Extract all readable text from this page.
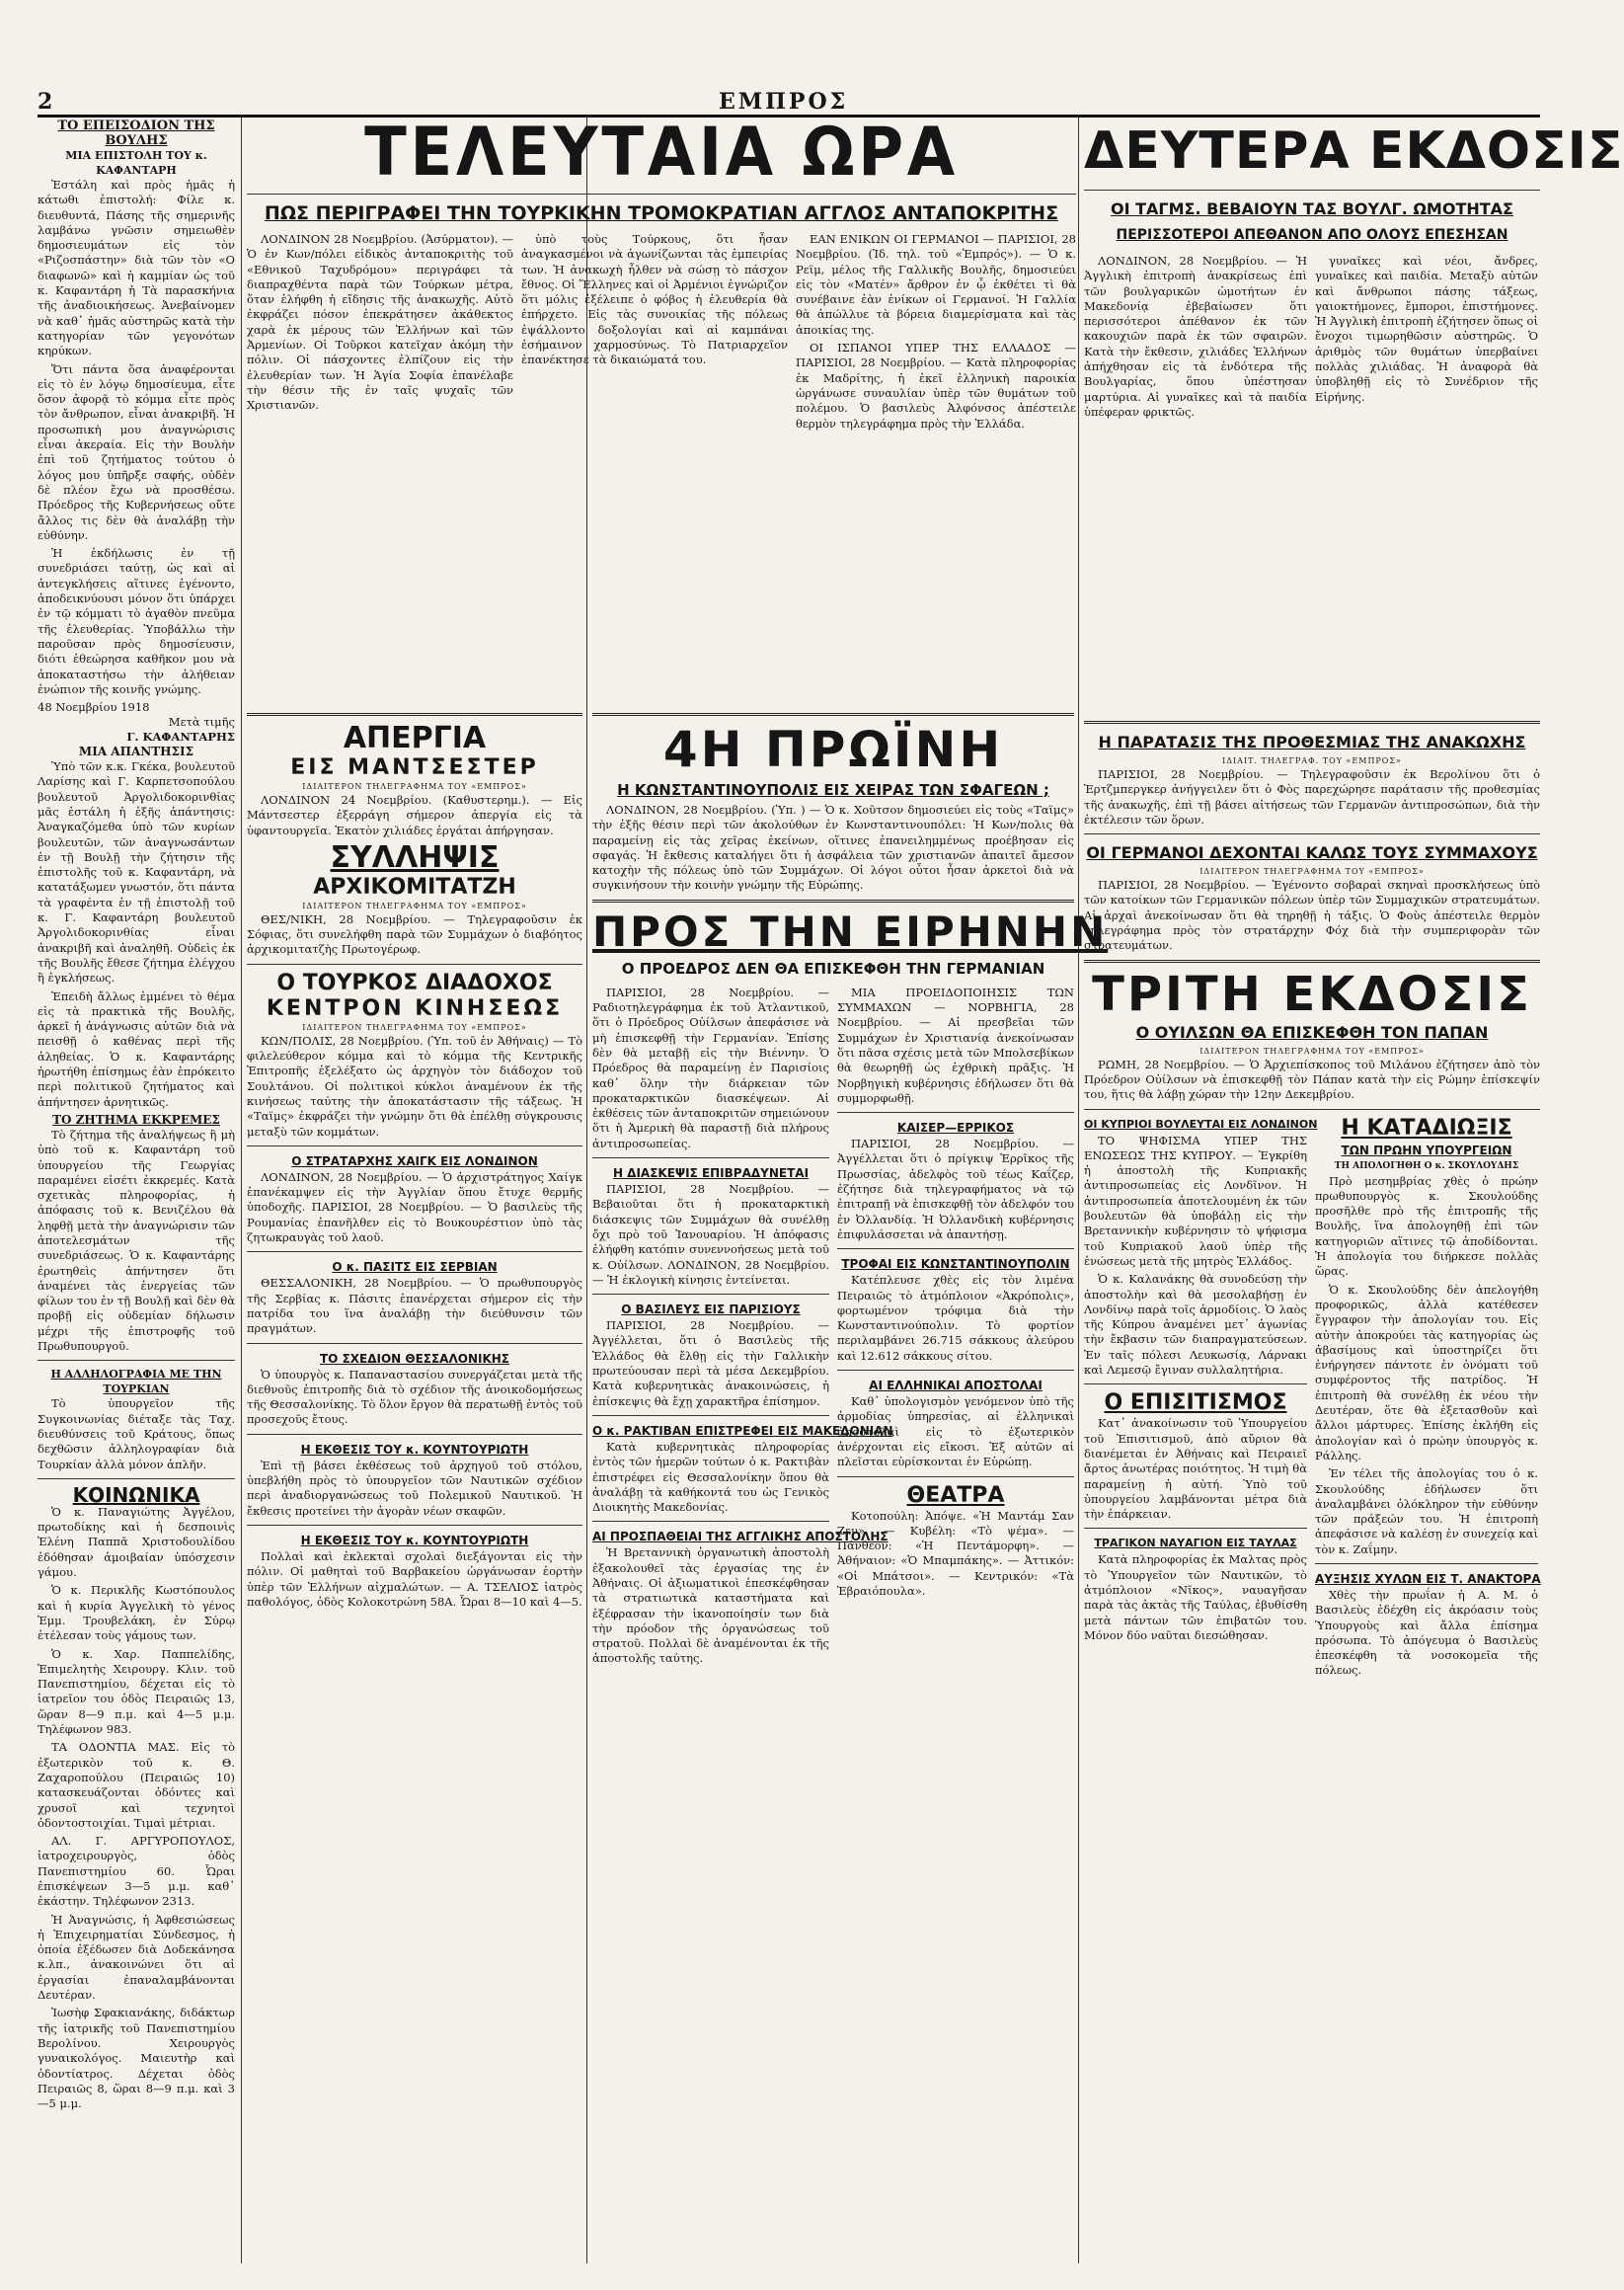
2	ΕΜΠΡΟΣ
ΤΟ ΕΠΕΙΣΟΔΙΟΝ ΤΗΣ ΒΟΥΛΗΣ
ΜΙΑ ΕΠΙΣΤΟΛΗ ΤΟΥ κ. ΚΑΦΑΝΤΑΡΗ

Ἐστάλη καὶ πρὸς ἡμᾶς ἡ κάτωθι ἐπιστολή: Φίλε κ. διευθυντά, Πάσης τῆς σημερινῆς λαμβάνω γνῶσιν σημειωθὲν δημοσιευμάτων εἰς τὸν «Ριζοσπάστην» διὰ τῶν τὸν «Ο διαφωνῶ» καὶ ἡ καμμίαν ὡς τοῦ κ. Καφαντάρη ἡ Τὰ παρασκήνια τῆς ἀναδιοικήσεως. Ἀνεβαίνομεν νὰ καθ᾽ ἡμᾶς αὐστηρῶς κατὰ τὴν κατηγορίαν τῶν γεγονότων κηρύκων.

Ὅτι πάντα ὅσα ἀναφέρονται εἰς τὸ ἐν λόγῳ δημοσίευμα, εἶτε ὅσον ἀφορᾷ τὸ κόμμα εἶτε πρὸς τὸν ἄνθρωπον, εἶναι ἀνακριβῆ. Ἡ προσωπικὴ μου ἀναγνώρισις εἶναι ἀκεραία. Εἰς τὴν Βουλὴν ἐπὶ τοῦ ζητήματος τούτου ὁ λόγος μου ὑπῆρξε σαφής, οὐδὲν δὲ πλέον ἔχω νὰ προσθέσω. Πρόεδρος τῆς Κυβερνήσεως οὔτε ἄλλος τις δὲν θὰ ἀναλάβῃ τὴν εὐθύνην.

Ἡ ἐκδήλωσις ἐν τῇ συνεδριάσει ταύτῃ, ὡς καὶ αἱ ἀντεγκλήσεις αἵτινες ἐγένοντο, ἀποδεικνύουσι μόνον ὅτι ὑπάρχει ἐν τῷ κόμματι τὸ ἀγαθὸν πνεῦμα τῆς ἐλευθερίας. Ὑποβάλλω τὴν παροῦσαν πρὸς δημοσίευσιν, διότι ἐθεώρησα καθῆκον μου νὰ ἀποκαταστήσω τὴν ἀλήθειαν ἐνώπιον τῆς κοινῆς γνώμης.

48 Νοεμβρίου 1918
Μετὰ τιμῆς
Γ. ΚΑΦΑΝΤΑΡΗΣ
ΜΙΑ ΑΠΑΝΤΗΣΙΣ

Ὑπὸ τῶν κ.κ. Γκέκα, βουλευτοῦ Λαρίσης καὶ Γ. Καρπετσοπούλου βουλευτοῦ Ἀργολιδοκορινθίας μᾶς ἐστάλη ἡ ἑξῆς ἀπάντησις: Ἀναγκαζόμεθα ὑπὸ τῶν κυρίων βουλευτῶν, τῶν ἀναγνωσάντων ἐν τῇ Βουλῇ τὴν ζήτησιν τῆς ἐπιστολῆς τοῦ κ. Καφαντάρη, νὰ κατατάξωμεν γνωστόν, ὅτι πάντα τὰ γραφέντα ἐν τῇ ἐπιστολῇ τοῦ κ. Γ. Καφαντάρη βουλευτοῦ Ἀργολιδοκορινθίας εἶναι ἀνακριβῆ καὶ ἀναληθῆ. Οὐδεὶς ἐκ τῆς Βουλῆς ἔθεσε ζήτημα ἐλέγχου ἢ ἐγκλήσεως.

Ἐπειδὴ ἄλλως ἐμμένει τὸ θέμα εἰς τὰ πρακτικὰ τῆς Βουλῆς, ἀρκεῖ ἡ ἀνάγνωσις αὐτῶν διὰ νὰ πεισθῇ ὁ καθένας περὶ τῆς ἀληθείας. Ὁ κ. Καφαντάρης ἠρωτήθη ἐπίσημως ἐὰν ἐπρόκειτο περὶ πολιτικοῦ ζητήματος καὶ ἀπήντησεν ἀρνητικῶς.

ΤΟ ΖΗΤΗΜΑ ΕΚΚΡΕΜΕΣ

Τὸ ζήτημα τῆς ἀναλήψεως ἢ μὴ ὑπὸ τοῦ κ. Καφαντάρη τοῦ ὑπουργείου τῆς Γεωργίας παραμένει εἰσέτι ἐκκρεμές. Κατὰ σχετικὰς πληροφορίας, ἡ ἀπόφασις τοῦ κ. Βενιζέλου θὰ ληφθῇ μετὰ τὴν ἀναγνώρισιν τῶν ἀποτελεσμάτων τῆς συνεδριάσεως. Ὁ κ. Καφαντάρης ἐρωτηθεὶς ἀπήντησεν ὅτι ἀναμένει τὰς ἐνεργείας τῶν φίλων του ἐν τῇ Βουλῇ καὶ δὲν θὰ προβῇ εἰς οὐδεμίαν δήλωσιν μέχρι τῆς ἐπιστροφῆς τοῦ Πρωθυπουργοῦ.

Η ΑΛΛΗΛΟΓΡΑΦΙΑ ΜΕ ΤΗΝ ΤΟΥΡΚΙΑΝ

Τὸ ὑπουργεῖον τῆς Συγκοινωνίας διέταξε τὰς Ταχ. διευθύνσεις τοῦ Κράτους, ὅπως δεχθῶσιν ἀλληλογραφίαν διὰ Τουρκίαν ἀλλὰ μόνον ἁπλῆν.

ΚΟΙΝΩΝΙΚΑ

Ὁ κ. Παναγιώτης Ἀγγέλου, πρωτοδίκης καὶ ἡ δεσποινὶς Ἑλένη Παππᾶ Χριστοδουλίδου ἐδόθησαν ἀμοιβαίαν ὑπόσχεσιν γάμου.

Ὁ κ. Περικλῆς Κωστόπουλος καὶ ἡ κυρία Ἀγγελικὴ τὸ γένος Ἐμμ. Τρουβελάκη, ἐν Σύρῳ ἐτέλεσαν τοὺς γάμους των.

Ὁ κ. Χαρ. Παππελίδης, Ἐπιμελητὴς Χειρουργ. Κλιν. τοῦ Πανεπιστημίου, δέχεται εἰς τὸ ἰατρεῖον του ὁδὸς Πειραιῶς 13, ὥραν 8—9 π.μ. καὶ 4—5 μ.μ. Τηλέφωνον 983.

ΤΑ ΟΔΟΝΤΙΑ ΜΑΣ. Εἰς τὸ ἐξωτερικὸν τοῦ κ. Θ. Ζαχαροπούλου (Πειραιῶς 10) κατασκευάζονται ὀδόντες καὶ χρυσοῖ καὶ τεχνητοὶ ὁδοντοστοιχίαι. Τιμαὶ μέτριαι.

ΑΛ. Γ. ΑΡΓΥΡΟΠΟΥΛΟΣ, ἰατροχειρουργὸς, ὁδὸς Πανεπιστημίου 60. Ὧραι ἐπισκέψεων 3—5 μ.μ. καθ᾽ ἑκάστην. Τηλέφωνον 2313.

Ἡ Ἀναγνώσις, ἡ Ἀφθεσιώσεως ἡ Ἐπιχειρηματίαι Σύνδεσμος, ἡ ὁποία ἐξέδωσεν διὰ Δοδεκάνησα κ.λπ., ἀνακοινώνει ὅτι αἱ ἐργασίαι ἐπαναλαμβάνονται Δευτέραν.

Ἰωσὴφ Σφακιανάκης, διδάκτωρ τῆς ἰατρικῆς τοῦ Πανεπιστημίου Βερολίνου. Χειρουργὸς γυναικολόγος. Μαιευτὴρ καὶ ὁδοντίατρος. Δέχεται ὁδὸς Πειραιῶς 8, ὥραι 8—9 π.μ. καὶ 3—5 μ.μ.

ΤΕΛΕΥΤΑΙΑ ΩΡΑ
ΠΩΣ ΠΕΡΙΓΡΑΦΕΙ ΤΗΝ ΤΟΥΡΚΙΚΗΝ ΤΡΟΜΟΚΡΑΤΙΑΝ ΑΓΓΛΟΣ ΑΝΤΑΠΟΚΡΙΤΗΣ

ΛΟΝΔΙΝΟΝ 28 Νοεμβρίου. (Ἀσύρματον). — Ὁ ἐν Κων/πόλει εἰδικὸς ἀνταποκριτὴς τοῦ «Εθνικοῦ Ταχυδρόμου» περιγράφει τὰ διαπραχθέντα παρὰ τῶν Τούρκων μέτρα, ὅταν ἐλήφθη ἡ εἴδησις τῆς ἀνακωχῆς. Αὐτὸ ἐκφράζει πόσον ἐπεκράτησεν ἀκάθεκτος χαρὰ ἐκ μέρους τῶν Ἑλλήνων καὶ τῶν Ἀρμενίων. Οἱ Τοῦρκοι κατεῖχαν ἀκόμη τὴν πόλιν. Οἱ πάσχοντες ἐλπίζουν εἰς τὴν ἐλευθερίαν των. Ἡ Ἁγία Σοφία ἐπανέλαβε τὴν θέσιν τῆς ἐν ταῖς ψυχαῖς τῶν Χριστιανῶν.

ὑπὸ τοὺς Τούρκους, ὅτι ἦσαν ἀναγκασμένοι νὰ ἀγωνίζωνται τὰς ἐμπειρίας των. Ἡ ἀνακωχὴ ἦλθεν νὰ σώσῃ τὸ πάσχον ἔθνος. Οἱ Ἕλληνες καὶ οἱ Ἀρμένιοι ἐγνώριζον ὅτι μόλις ἐξέλειπε ὁ φόβος ἡ ἐλευθερία θὰ ἐπήρχετο. Εἰς τὰς συνοικίας τῆς πόλεως ἐψάλλοντο δοξολογίαι καὶ αἱ καμπάναι ἐσήμαινον χαρμοσύνως. Τὸ Πατριαρχεῖον ἐπανέκτησε τὰ δικαιώματά του.

ΕΑΝ ΕΝΙΚΩΝ ΟΙ ΓΕΡΜΑΝΟΙ — ΠΑΡΙΣΙΟΙ, 28 Νοεμβρίου. (Ἰδ. τηλ. τοῦ «Ἐμπρός»). — Ὁ κ. Ρεϊμ, μέλος τῆς Γαλλικῆς Βουλῆς, δημοσιεύει εἰς τὸν «Ματέν» ἄρθρον ἐν ᾧ ἐκθέτει τὶ θὰ συνέβαινε ἐὰν ἐνίκων οἱ Γερμανοί. Ἡ Γαλλία θὰ ἀπώλλυε τὰ βόρεια διαμερίσματα καὶ τὰς ἀποικίας της.

ΟΙ ΙΣΠΑΝΟΙ ΥΠΕΡ ΤΗΣ ΕΛΛΑΔΟΣ — ΠΑΡΙΣΙΟΙ, 28 Νοεμβρίου. — Κατὰ πληροφορίας ἐκ Μαδρίτης, ἡ ἐκεῖ ἑλληνικὴ παροικία ὠργάνωσε συναυλίαν ὑπὲρ τῶν θυμάτων τοῦ πολέμου. Ὁ βασιλεὺς Ἀλφόνσος ἀπέστειλε θερμὸν τηλεγράφημα πρὸς τὴν Ἑλλάδα.

ΔΕΥΤΕΡΑ ΕΚΔΟΣΙΣ
ΟΙ ΤΑΓΜΣ. ΒΕΒΑΙΟΥΝ ΤΑΣ ΒΟΥΛΓ. ΩΜΟΤΗΤΑΣ
ΠΕΡΙΣΣΟΤΕΡΟΙ ΑΠΕΘΑΝΟΝ ΑΠΟ ΟΛΟΥΣ ΕΠΕΣΗΣΑΝ

ΛΟΝΔΙΝΟΝ, 28 Νοεμβρίου. — Ἡ Ἀγγλικὴ ἐπιτροπὴ ἀνακρίσεως ἐπὶ τῶν βουλγαρικῶν ὠμοτήτων ἐν Μακεδονίᾳ ἐβεβαίωσεν ὅτι περισσότεροι ἀπέθανον ἐκ τῶν κακουχιῶν παρὰ ἐκ τῶν σφαιρῶν. Κατὰ τὴν ἔκθεσιν, χιλιάδες Ἑλλήνων ἀπήχθησαν εἰς τὰ ἐνδότερα τῆς Βουλγαρίας, ὅπου ὑπέστησαν μαρτύρια. Αἱ γυναῖκες καὶ τὰ παιδία ὑπέφεραν φρικτῶς.

γυναῖκες καὶ νέοι, ἄνδρες, γυναῖκες καὶ παιδία. Μεταξὺ αὐτῶν καὶ ἄνθρωποι πάσης τάξεως, γαιοκτήμονες, ἔμποροι, ἐπιστήμονες. Ἡ Ἀγγλικὴ ἐπιτροπὴ ἐζήτησεν ὅπως οἱ ἔνοχοι τιμωρηθῶσιν αὐστηρῶς. Ὁ ἀριθμὸς τῶν θυμάτων ὑπερβαίνει πολλὰς χιλιάδας. Ἡ ἀναφορὰ θὰ ὑποβληθῇ εἰς τὸ Συνέδριον τῆς Εἰρήνης.

ΑΠΕΡΓΙΑ
ΕΙΣ ΜΑΝΤΣΕΣΤΕΡ
ΙΔΙΑΙΤΕΡΟΝ ΤΗΛΕΓΡΑΦΗΜΑ ΤΟΥ «ΕΜΠΡΟΣ»

ΛΟΝΔΙΝΟΝ 24 Νοεμβρίου. (Καθυστερημ.). — Εἰς Μάντσεστερ ἐξερράγη σήμερον ἀπεργία εἰς τὰ ὑφαντουργεῖα. Ἑκατὸν χιλιάδες ἐργάται ἀπήργησαν.

ΣΥΛΛΗΨΙΣ
ΑΡΧΙΚΟΜΙΤΑΤΖΗ
ΙΔΙΑΙΤΕΡΟΝ ΤΗΛΕΓΡΑΦΗΜΑ ΤΟΥ «ΕΜΠΡΟΣ»

ΘΕΣ/ΝΙΚΗ, 28 Νοεμβρίου. — Τηλεγραφοῦσιν ἐκ Σόφιας, ὅτι συνελήφθη παρὰ τῶν Συμμάχων ὁ διαβόητος ἀρχικομιτατζὴς Πρωτογέρωφ.

Ο ΤΟΥΡΚΟΣ ΔΙΑΔΟΧΟΣ
ΚΕΝΤΡΟΝ ΚΙΝΗΣΕΩΣ
ΙΔΙΑΙΤΕΡΟΝ ΤΗΛΕΓΡΑΦΗΜΑ ΤΟΥ «ΕΜΠΡΟΣ»

ΚΩΝ/ΠΟΛΙΣ, 28 Νοεμβρίου. (Ὑπ. τοῦ ἐν Ἀθήναις) — Τὸ φιλελεύθερον κόμμα καὶ τὸ κόμμα τῆς Κεντρικῆς Ἐπιτροπῆς ἐξελέξατο ὡς ἀρχηγὸν τὸν διάδοχον τοῦ Σουλτάνου. Οἱ πολιτικοὶ κύκλοι ἀναμένουν ἐκ τῆς κινήσεως ταύτης τὴν ἀποκατάστασιν τῆς τάξεως. Ἡ «Ταϊμς» ἐκφράζει τὴν γνώμην ὅτι θὰ ἐπέλθῃ σύγκρουσις μεταξὺ τῶν κομμάτων.

Ο ΣΤΡΑΤΑΡΧΗΣ ΧΑΙΓΚ ΕΙΣ ΛΟΝΔΙΝΟΝ

ΛΟΝΔΙΝΟΝ, 28 Νοεμβρίου. — Ὁ ἀρχιστράτηγος Χαίγκ ἐπανέκαμψεν εἰς τὴν Ἀγγλίαν ὅπου ἔτυχε θερμῆς ὑποδοχῆς. ΠΑΡΙΣΙΟΙ, 28 Νοεμβρίου. — Ὁ βασιλεὺς τῆς Ρουμανίας ἐπανῆλθεν εἰς τὸ Βουκουρέστιον ὑπὸ τὰς ζητωκραυγὰς τοῦ λαοῦ.

Ο κ. ΠΑΣΙΤΣ ΕΙΣ ΣΕΡΒΙΑΝ

ΘΕΣΣΑΛΟΝΙΚΗ, 28 Νοεμβρίου. — Ὁ πρωθυπουργὸς τῆς Σερβίας κ. Πάσιτς ἐπανέρχεται σήμερον εἰς τὴν πατρίδα του ἵνα ἀναλάβῃ τὴν διεύθυνσιν τῶν πραγμάτων.

ΤΟ ΣΧΕΔΙΟΝ ΘΕΣΣΑΛΟΝΙΚΗΣ

Ὁ ὑπουργὸς κ. Παπαναστασίου συνεργάζεται μετὰ τῆς διεθνοῦς ἐπιτροπῆς διὰ τὸ σχέδιον τῆς ἀνοικοδομήσεως τῆς Θεσσαλονίκης. Τὸ ὅλον ἔργον θὰ περατωθῇ ἐντὸς τοῦ προσεχοῦς ἔτους.

Η ΕΚΘΕΣΙΣ ΤΟΥ κ. ΚΟΥΝΤΟΥΡΙΩΤΗ

Ἐπὶ τῇ βάσει ἐκθέσεως τοῦ ἀρχηγοῦ τοῦ στόλου, ὑπεβλήθη πρὸς τὸ ὑπουργεῖον τῶν Ναυτικῶν σχέδιον περὶ ἀναδιοργανώσεως τοῦ Πολεμικοῦ Ναυτικοῦ. Ἡ ἔκθεσις προτείνει τὴν ἀγορὰν νέων σκαφῶν.

Η ΕΚΘΕΣΙΣ ΤΟΥ κ. ΚΟΥΝΤΟΥΡΙΩΤΗ

Πολλαὶ καὶ ἐκλεκταὶ σχολαὶ διεξάγονται εἰς τὴν πόλιν. Οἱ μαθηταὶ τοῦ Βαρβακείου ὠργάνωσαν ἑορτὴν ὑπὲρ τῶν Ἑλλήνων αἰχμαλώτων. — Α. ΤΣΕΛΙΟΣ ἰατρὸς παθολόγος, ὁδὸς Κολοκοτρώνη 58Α. Ὧραι 8—10 καὶ 4—5.

4Η ΠΡΩΪΝΗ
Η ΚΩΝΣΤΑΝΤΙΝΟΥΠΟΛΙΣ ΕΙΣ ΧΕΙΡΑΣ ΤΩΝ ΣΦΑΓΕΩΝ ;

ΛΟΝΔΙΝΟΝ, 28 Νοεμβρίου. (Ὑπ. ) — Ὁ κ. Χοῦτσον δημοσιεύει εἰς τοὺς «Ταϊμς» τὴν ἑξῆς θέσιν περὶ τῶν ἀκολούθων ἐν Κωνσταντινουπόλει: Ἡ Κων/πολις θὰ παραμείνῃ εἰς τὰς χεῖρας ἐκείνων, οἵτινες ἐπανειλημμένως προέβησαν εἰς σφαγάς. Ἡ ἔκθεσις καταλήγει ὅτι ἡ ἀσφάλεια τῶν χριστιανῶν ἀπαιτεῖ ἄμεσον κατοχὴν τῆς πόλεως ὑπὸ τῶν Συμμάχων. Οἱ λόγοι οὗτοι ἦσαν ἀρκετοὶ διὰ νὰ συγκινήσουν τὴν κοινὴν γνώμην τῆς Εὐρώπης.

ΠΡΟΣ ΤΗΝ ΕΙΡΗΝΗΝ
Ο ΠΡΟΕΔΡΟΣ ΔΕΝ ΘΑ ΕΠΙΣΚΕΦΘΗ ΤΗΝ ΓΕΡΜΑΝΙΑΝ

ΠΑΡΙΣΙΟΙ, 28 Νοεμβρίου. — Ραδιοτηλεγράφημα ἐκ τοῦ Ἀτλαντικοῦ, ὅτι ὁ Πρόεδρος Οὐίλσων ἀπεφάσισε νὰ μὴ ἐπισκεφθῇ τὴν Γερμανίαν. Ἐπίσης δὲν θὰ μεταβῇ εἰς τὴν Βιέννην. Ὁ Πρόεδρος θὰ παραμείνῃ ἐν Παρισίοις καθ᾽ ὅλην τὴν διάρκειαν τῶν προκαταρκτικῶν διασκέψεων. Αἱ ἐκθέσεις τῶν ἀνταποκριτῶν σημειώνουν ὅτι ἡ Ἀμερικὴ θὰ παραστῇ διὰ πλήρους ἀντιπροσωπείας.

Η ΔΙΑΣΚΕΨΙΣ ΕΠΙΒΡΑΔΥΝΕΤΑΙ

ΠΑΡΙΣΙΟΙ, 28 Νοεμβρίου. — Βεβαιοῦται ὅτι ἡ προκαταρκτικὴ διάσκεψις τῶν Συμμάχων θὰ συνέλθῃ ὄχι πρὸ τοῦ Ἰανουαρίου. Ἡ ἀπόφασις ἐλήφθη κατόπιν συνεννοήσεως μετὰ τοῦ κ. Οὐίλσων. ΛΟΝΔΙΝΟΝ, 28 Νοεμβρίου. — Ἡ ἐκλογικὴ κίνησις ἐντείνεται.

Ο ΒΑΣΙΛΕΥΣ ΕΙΣ ΠΑΡΙΣΙΟΥΣ

ΠΑΡΙΣΙΟΙ, 28 Νοεμβρίου. — Ἀγγέλλεται, ὅτι ὁ Βασιλεὺς τῆς Ἑλλάδος θὰ ἔλθῃ εἰς τὴν Γαλλικὴν πρωτεύουσαν περὶ τὰ μέσα Δεκεμβρίου. Κατὰ κυβερνητικὰς ἀνακοινώσεις, ἡ ἐπίσκεψις θὰ ἔχῃ χαρακτῆρα ἐπίσημον.

Ο κ. ΡΑΚΤΙΒΑΝ ΕΠΙΣΤΡΕΦΕΙ ΕΙΣ ΜΑΚΕΔΟΝΙΑΝ

Κατὰ κυβερνητικὰς πληροφορίας ἐντὸς τῶν ἡμερῶν τούτων ὁ κ. Ρακτιβὰν ἐπιστρέφει εἰς Θεσσαλονίκην ὅπου θὰ ἀναλάβῃ τὰ καθήκοντά του ὡς Γενικὸς Διοικητὴς Μακεδονίας.

ΑΙ ΠΡΟΣΠΑΘΕΙΑΙ ΤΗΣ ΑΓΓΛΙΚΗΣ ΑΠΟΣΤΟΛΗΣ

Ἡ Βρεταννικὴ ὀργανωτικὴ ἀποστολὴ ἐξακολουθεῖ τὰς ἐργασίας της ἐν Ἀθήναις. Οἱ ἀξιωματικοὶ ἐπεσκέφθησαν τὰ στρατιωτικὰ καταστήματα καὶ ἐξέφρασαν τὴν ἱκανοποίησίν των διὰ τὴν πρόοδον τῆς ὀργανώσεως τοῦ στρατοῦ. Πολλαὶ δὲ ἀναμένονται ἐκ τῆς ἀποστολῆς ταύτης.

ΜΙΑ ΠΡΟΕΙΔΟΠΟΙΗΣΙΣ ΤΩΝ ΣΥΜΜΑΧΩΝ — ΝΟΡΒΗΓΙΑ, 28 Νοεμβρίου. — Αἱ πρεσβεῖαι τῶν Συμμάχων ἐν Χριστιανίᾳ ἀνεκοίνωσαν ὅτι πᾶσα σχέσις μετὰ τῶν Μπολσεβίκων θὰ θεωρηθῇ ὡς ἐχθρικὴ πρᾶξις. Ἡ Νορβηγικὴ κυβέρνησις ἐδήλωσεν ὅτι θὰ συμμορφωθῇ.

ΚΑΙΣΕΡ—ΕΡΡΙΚΟΣ

ΠΑΡΙΣΙΟΙ, 28 Νοεμβρίου. — Ἀγγέλλεται ὅτι ὁ πρίγκιψ Ἐρρῖκος τῆς Πρωσσίας, ἀδελφὸς τοῦ τέως Καΐζερ, ἐζήτησε διὰ τηλεγραφήματος νὰ τῷ ἐπιτραπῇ νὰ ἐπισκεφθῇ τὸν ἀδελφόν του ἐν Ὀλλανδίᾳ. Ἡ Ὀλλανδικὴ κυβέρνησις ἐπιφυλάσσεται νὰ ἀπαντήσῃ.

ΤΡΟΦΑΙ ΕΙΣ ΚΩΝΣΤΑΝΤΙΝΟΥΠΟΛΙΝ

Κατέπλευσε χθὲς εἰς τὸν λιμένα Πειραιῶς τὸ ἀτμόπλοιον «Ἀκρόπολις», φορτωμένον τρόφιμα διὰ τὴν Κωνσταντινούπολιν. Τὸ φορτίον περιλαμβάνει 26.715 σάκκους ἀλεύρου καὶ 12.612 σάκκους σίτου.

ΑΙ ΕΛΛΗΝΙΚΑΙ ΑΠΟΣΤΟΛΑΙ

Καθ᾽ ὑπολογισμὸν γενόμενον ὑπὸ τῆς ἁρμοδίας ὑπηρεσίας, αἱ ἑλληνικαὶ ἀποστολαὶ εἰς τὸ ἐξωτερικὸν ἀνέρχονται εἰς εἴκοσι. Ἐξ αὐτῶν αἱ πλεῖσται εὑρίσκονται ἐν Εὐρώπῃ.

ΘΕΑΤΡΑ

Κοτοπούλη: Ἀπόψε. «Ἡ Μαντάμ Σαν Ζεν». — Κυβέλη: «Τὸ ψέμα». — Πάνθεον: «Ἡ Πεντάμορφη». — Ἀθήναιον: «Ὁ Μπαμπάκης». — Ἀττικόν: «Οἱ Μπάτσοι». — Κεντρικόν: «Τὰ Ἑβραιόπουλα».

Η ΠΑΡΑΤΑΣΙΣ ΤΗΣ ΠΡΟΘΕΣΜΙΑΣ ΤΗΣ ΑΝΑΚΩΧΗΣ
ΙΔΙΑΙΤ. ΤΗΛΕΓΡΑΦ. ΤΟΥ «ΕΜΠΡΟΣ»

ΠΑΡΙΣΙΟΙ, 28 Νοεμβρίου. — Τηλεγραφοῦσιν ἐκ Βερολίνου ὅτι ὁ Ἐρτζμπεργκερ ἀνήγγειλεν ὅτι ὁ Φὸς παρεχώρησε παράτασιν τῆς προθεσμίας τῆς ἀνακωχῆς, ἐπὶ τῇ βάσει αἰτήσεως τῶν Γερμανῶν ἀντιπροσώπων, διὰ τὴν ἐκτέλεσιν τῶν ὅρων.

ΟΙ ΓΕΡΜΑΝΟΙ ΔΕΧΟΝΤΑΙ ΚΑΛΩΣ ΤΟΥΣ ΣΥΜΜΑΧΟΥΣ
ΙΔΙΑΙΤΕΡΟΝ ΤΗΛΕΓΡΑΦΗΜΑ ΤΟΥ «ΕΜΠΡΟΣ»

ΠΑΡΙΣΙΟΙ, 28 Νοεμβρίου. — Ἐγένοντο σοβαραὶ σκηναὶ προσκλήσεως ὑπὸ τῶν κατοίκων τῶν Γερμανικῶν πόλεων ὑπὲρ τῶν Συμμαχικῶν στρατευμάτων. Αἱ ἀρχαὶ ἀνεκοίνωσαν ὅτι θὰ τηρηθῇ ἡ τάξις. Ὁ Φοὺς ἀπέστειλε θερμὸν τηλεγράφημα πρὸς τὸν στρατάρχην Φόχ διὰ τὴν συμπεριφορὰν τῶν στρατευμάτων.

ΤΡΙΤΗ ΕΚΔΟΣΙΣ
Ο ΟΥΙΛΣΩΝ ΘΑ ΕΠΙΣΚΕΦΘΗ ΤΟΝ ΠΑΠΑΝ
ΙΔΙΑΙΤΕΡΟΝ ΤΗΛΕΓΡΑΦΗΜΑ ΤΟΥ «ΕΜΠΡΟΣ»

ΡΩΜΗ, 28 Νοεμβρίου. — Ὁ Ἀρχιεπίσκοπος τοῦ Μιλάνου ἐζήτησεν ἀπὸ τὸν Πρόεδρον Οὐίλσων νὰ ἐπισκεφθῇ τὸν Πάπαν κατὰ τὴν εἰς Ρώμην ἐπίσκεψίν του, ἥτις θὰ λάβῃ χώραν τὴν 12ην Δεκεμβρίου.

ΟΙ ΚΥΠΡΙΟΙ ΒΟΥΛΕΥΤΑΙ ΕΙΣ ΛΟΝΔΙΝΟΝ

ΤΟ ΨΗΦΙΣΜΑ ΥΠΕΡ ΤΗΣ ΕΝΩΣΕΩΣ ΤΗΣ ΚΥΠΡΟΥ. — Ἐγκρίθη ἡ ἀποστολὴ τῆς Κυπριακῆς ἀντιπροσωπείας εἰς Λονδῖνον. Ἡ ἀντιπροσωπεία ἀποτελουμένη ἐκ τῶν βουλευτῶν θὰ ὑποβάλῃ εἰς τὴν Βρεταννικὴν κυβέρνησιν τὸ ψήφισμα τοῦ Κυπριακοῦ λαοῦ ὑπὲρ τῆς ἑνώσεως μετὰ τῆς μητρὸς Ἑλλάδος.

Ὁ κ. Καλανάκης θὰ συνοδεύσῃ τὴν ἀποστολὴν καὶ θὰ μεσολαβήσῃ ἐν Λονδίνῳ παρὰ τοῖς ἀρμοδίοις. Ὁ λαὸς τῆς Κύπρου ἀναμένει μετ᾽ ἀγωνίας τὴν ἔκβασιν τῶν διαπραγματεύσεων. Ἐν ταῖς πόλεσι Λευκωσίᾳ, Λάρνακι καὶ Λεμεσῷ ἔγιναν συλλαλητήρια.

Ο ΕΠΙΣΙΤΙΣΜΟΣ

Κατ᾽ ἀνακοίνωσιν τοῦ Ὑπουργείου τοῦ Ἐπισιτισμοῦ, ἀπὸ αὔριον θὰ διανέμεται ἐν Ἀθήναις καὶ Πειραιεῖ ἄρτος ἀνωτέρας ποιότητος. Ἡ τιμὴ θὰ παραμείνῃ ἡ αὐτή. Ὑπὸ τοῦ ὑπουργείου λαμβάνονται μέτρα διὰ τὴν ἐπάρκειαν.

ΤΡΑΓΙΚΟΝ ΝΑΥΑΓΙΟΝ ΕΙΣ ΤΑΥΛΑΣ

Κατὰ πληροφορίας ἐκ Μαλτας πρὸς τὸ Ὑπουργεῖον τῶν Ναυτικῶν, τὸ ἀτμόπλοιον «Νῖκος», ναυαγῆσαν παρὰ τὰς ἀκτὰς τῆς Ταύλας, ἐβυθίσθη μετὰ πάντων τῶν ἐπιβατῶν του. Μόνον δύο ναῦται διεσώθησαν.

Η ΚΑΤΑΔΙΩΞΙΣ
ΤΩΝ ΠΡΩΗΝ ΥΠΟΥΡΓΕΙΩΝ
ΤΗ ΑΠΟΛΟΓΗΘΗ Ο κ. ΣΚΟΥΛΟΥΔΗΣ

Πρὸ μεσημβρίας χθὲς ὁ πρώην πρωθυπουργὸς κ. Σκουλούδης προσῆλθε πρὸ τῆς ἐπιτροπῆς τῆς Βουλῆς, ἵνα ἀπολογηθῇ ἐπὶ τῶν κατηγοριῶν αἵτινες τῷ ἀποδίδονται. Ἡ ἀπολογία του διήρκεσε πολλὰς ὥρας.

Ὁ κ. Σκουλούδης δὲν ἀπελογήθη προφορικῶς, ἀλλὰ κατέθεσεν ἔγγραφον τὴν ἀπολογίαν του. Εἰς αὐτὴν ἀποκρούει τὰς κατηγορίας ὡς ἀβασίμους καὶ ὑποστηρίζει ὅτι ἐνήργησεν πάντοτε ἐν ὀνόματι τοῦ συμφέροντος τῆς πατρίδος. Ἡ ἐπιτροπὴ θὰ συνέλθῃ ἐκ νέου τὴν Δευτέραν, ὅτε θὰ ἐξετασθοῦν καὶ ἄλλοι μάρτυρες. Ἐπίσης ἐκλήθη εἰς ἀπολογίαν καὶ ὁ πρώην ὑπουργὸς κ. Ράλλης.

Ἐν τέλει τῆς ἀπολογίας του ὁ κ. Σκουλούδης ἐδήλωσεν ὅτι ἀναλαμβάνει ὁλόκληρον τὴν εὐθύνην τῶν πράξεών του. Ἡ ἐπιτροπὴ ἀπεφάσισε νὰ καλέσῃ ἐν συνεχείᾳ καὶ τὸν κ. Ζαΐμην.

ΑΥΞΗΣΙΣ ΧΥΛΩΝ ΕΙΣ Τ. ΑΝΑΚΤΟΡΑ

Χθὲς τὴν πρωΐαν ἡ Α. Μ. ὁ Βασιλεὺς ἐδέχθη εἰς ἀκρόασιν τοὺς Ὑπουργοὺς καὶ ἄλλα ἐπίσημα πρόσωπα. Τὸ ἀπόγευμα ὁ Βασιλεὺς ἐπεσκέφθη τὰ νοσοκομεῖα τῆς πόλεως.
